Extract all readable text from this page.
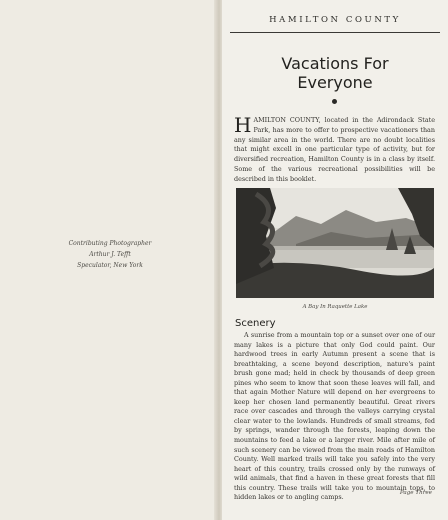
Contributing Photographer
Arthur J. Tefft
Speculator, New York
HAMILTON COUNTY
Vacations For
Everyone
HAMILTON COUNTY, located in the Adirondack State Park, has more to offer to prospective vacationers than any similar area in the world. There are no doubt localities that might excell in one particular type of activity, but for diversified recreation, Hamilton County is in a class by itself. Some of the various recreational possibilities will be described in this booklet.
A Bay In Raquette Lake
Scenery
A sunrise from a mountain top or a sunset over one of our many lakes is a picture that only God could paint. Our hardwood trees in early Autumn present a scene that is breathtaking, a scene beyond description, nature's paint brush gone mad; held in check by thousands of deep green pines who seem to know that soon these leaves will fall, and that again Mother Nature will depend on her evergreens to keep her chosen land permanently beautiful. Great rivers race over cascades and through the valleys carrying crystal clear water to the lowlands. Hundreds of small streams, fed by springs, wander through the forests, leaping down the mountains to feed a lake or a larger river. Mile after mile of such scenery can be viewed from the main roads of Hamilton County. Well marked trails will take you safely into the very heart of this country, trails crossed only by the runways of wild animals, that find a haven in these great forests that fill this country. These trails will take you to mountain tops, to hidden lakes or to angling camps.
Page Three
